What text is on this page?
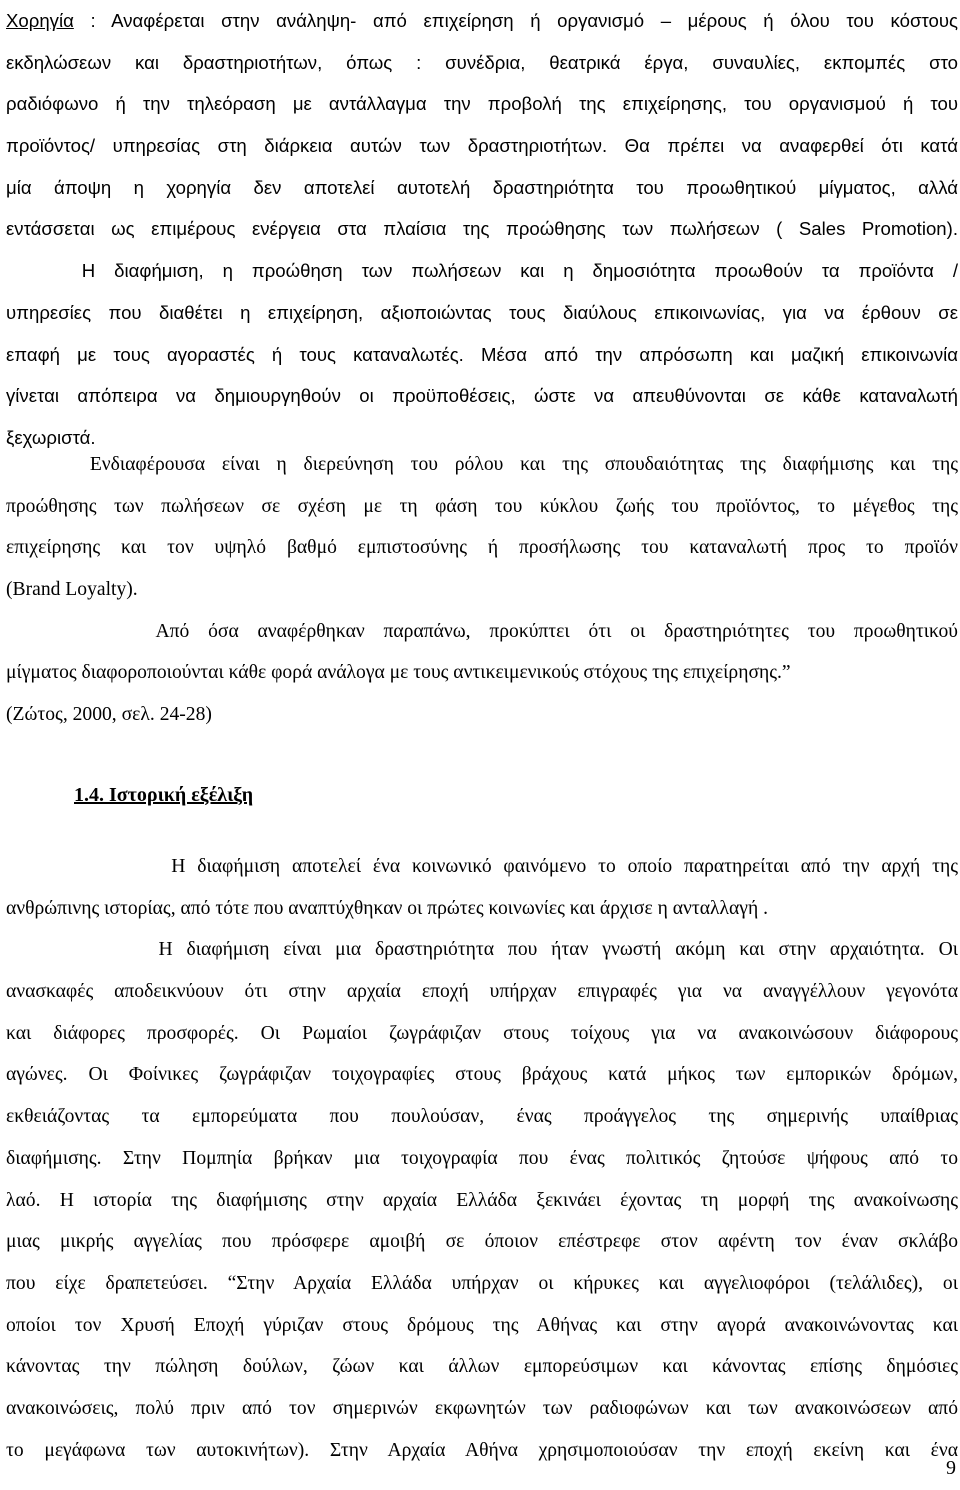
Χορηγία : Αναφέρεται στην ανάληψη- από επιχείρηση ή οργανισμό – μέρους ή όλου του κόστους
εκδηλώσεων και δραστηριοτήτων, όπως : συνέδρια, θεατρικά έργα, συναυλίες, εκπομπές στο
ραδιόφωνο ή την τηλεόραση με αντάλλαγμα την προβολή της επιχείρησης, του οργανισμού ή του
προϊόντος/ υπηρεσίας στη διάρκεια αυτών των δραστηριοτήτων. Θα πρέπει να αναφερθεί ότι κατά
μία άποψη η χορηγία δεν αποτελεί αυτοτελή δραστηριότητα του προωθητικού μίγματος, αλλά
εντάσσεται ως επιμέρους ενέργεια στα πλαίσια της προώθησης των πωλήσεων ( Sales Promotion).
Η διαφήμιση, η προώθηση των πωλήσεων και η δημοσιότητα προωθούν τα προϊόντα /
υπηρεσίες που διαθέτει η επιχείρηση, αξιοποιώντας τους διαύλους επικοινωνίας, για να έρθουν σε
επαφή με τους αγοραστές ή τους καταναλωτές. Μέσα από την απρόσωπη και μαζική επικοινωνία
γίνεται απόπειρα να δημιουργηθούν οι προϋποθέσεις, ώστε να απευθύνονται σε κάθε καταναλωτή
ξεχωριστά.
Ενδιαφέρουσα είναι η διερεύνηση του ρόλου και της σπουδαιότητας της διαφήμισης και της
προώθησης των πωλήσεων σε σχέση με τη φάση του κύκλου ζωής του προϊόντος, το μέγεθος της
επιχείρησης και τον υψηλό βαθμό εμπιστοσύνης ή προσήλωσης του καταναλωτή προς το προϊόν
(Brand Loyalty).
Από όσα αναφέρθηκαν παραπάνω, προκύπτει ότι οι δραστηριότητες του προωθητικού
μίγματος διαφοροποιούνται κάθε φορά ανάλογα με τους αντικειμενικούς στόχους της επιχείρησης.”
(Ζώτος, 2000, σελ. 24-28)
1.4. Ιστορική εξέλιξη
Η διαφήμιση αποτελεί ένα κοινωνικό φαινόμενο το οποίο παρατηρείται από την αρχή της
ανθρώπινης ιστορίας, από τότε που αναπτύχθηκαν οι πρώτες κοινωνίες και άρχισε η ανταλλαγή .
Η διαφήμιση είναι μια δραστηριότητα που ήταν γνωστή ακόμη και στην αρχαιότητα. Οι
ανασκαφές αποδεικνύουν ότι στην αρχαία εποχή υπήρχαν επιγραφές για να αναγγέλλουν γεγονότα
και διάφορες προσφορές. Οι Ρωμαίοι ζωγράφιζαν στους τοίχους για να ανακοινώσουν διάφορους
αγώνες. Οι Φοίνικες ζωγράφιζαν τοιχογραφίες στους βράχους κατά μήκος των εμπορικών δρόμων,
εκθειάζοντας τα εμπορεύματα που πουλούσαν, ένας προάγγελος της σημερινής υπαίθριας
διαφήμισης. Στην Πομπηία βρήκαν μια τοιχογραφία που ένας πολιτικός ζητούσε ψήφους από το
λαό. Η ιστορία της διαφήμισης στην αρχαία Ελλάδα ξεκινάει έχοντας τη μορφή της ανακοίνωσης
μιας μικρής αγγελίας που πρόσφερε αμοιβή σε όποιον επέστρεφε στον αφέντη τον έναν σκλάβο
που είχε δραπετεύσει. “Στην Αρχαία Ελλάδα υπήρχαν οι κήρυκες και αγγελιοφόροι (τελάλιδες), οι
οποίοι τον Χρυσή Εποχή γύριζαν στους δρόμους της Αθήνας και στην αγορά ανακοινώνοντας και
κάνοντας την πώληση δούλων, ζώων και άλλων εμπορεύσιμων και κάνοντας επίσης δημόσιες
ανακοινώσεις, πολύ πριν από τον σημερινών εκφωνητών των ραδιοφώνων και των ανακοινώσεων από
το μεγάφωνα των αυτοκινήτων). Στην Αρχαία Αθήνα χρησιμοποιούσαν την εποχή εκείνη και ένα
9
